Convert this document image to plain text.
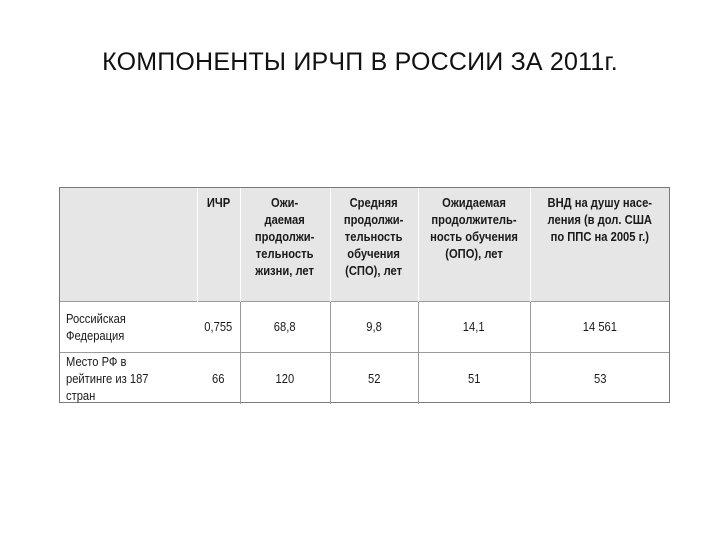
КОМПОНЕНТЫ ИРЧП В РОССИИ ЗА 2011г.
	ИЧР	Ожи-
даемая
продолжи-
тельность
жизни, лет	Средняя
продолжи-
тельность
обучения
(СПО), лет	Ожидаемая
продолжитель-
ность обучения
(ОПО), лет	ВНД на душу насе-
ления (в дол. США
по ППС на 2005 г.)
Российская Федерация	0,755	68,8	9,8	14,1	14 561
Место РФ в рейтинге из 187 стран	66	120	52	51	53
